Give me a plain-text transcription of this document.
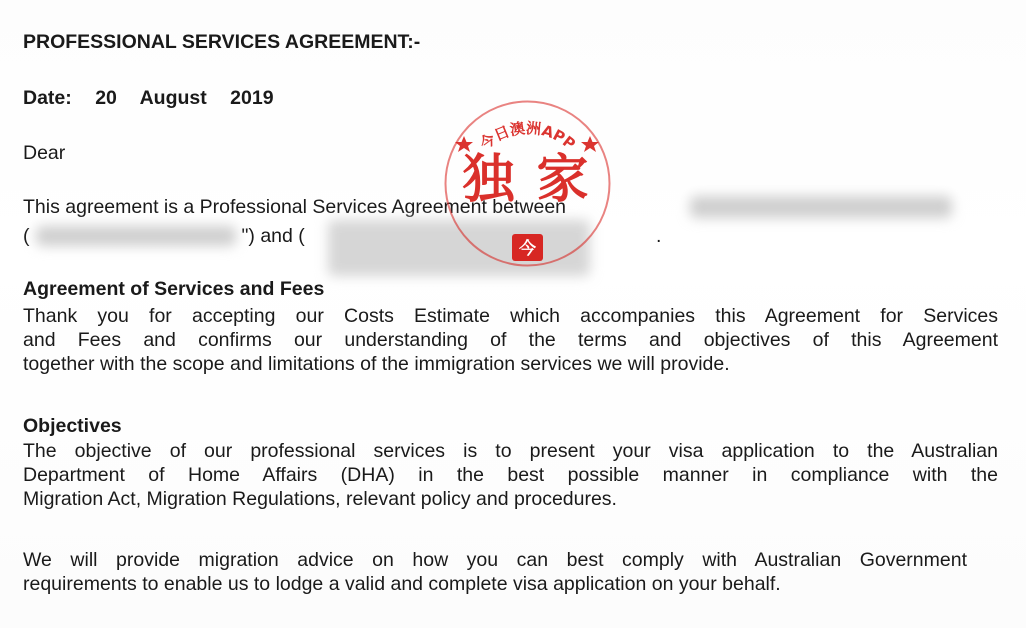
PROFESSIONAL SERVICES AGREEMENT:-
Date: 20 August 2019
Dear
This agreement is a Professional Services Agreement between
(	") and (	.
Agreement of Services and Fees
Thank you for accepting our Costs Estimate which accompanies this Agreement for Services
and Fees and confirms our understanding of the terms and objectives of this Agreement
together with the scope and limitations of the immigration services we will provide.
Objectives
The objective of our professional services is to present your visa application to the Australian
Department of Home Affairs (DHA) in the best possible manner in compliance with the
Migration Act, Migration Regulations, relevant policy and procedures.
We will provide migration advice on how you can best comply with Australian Government
requirements to enable us to lodge a valid and complete visa application on your behalf.
今日澳洲APP
今
独家
